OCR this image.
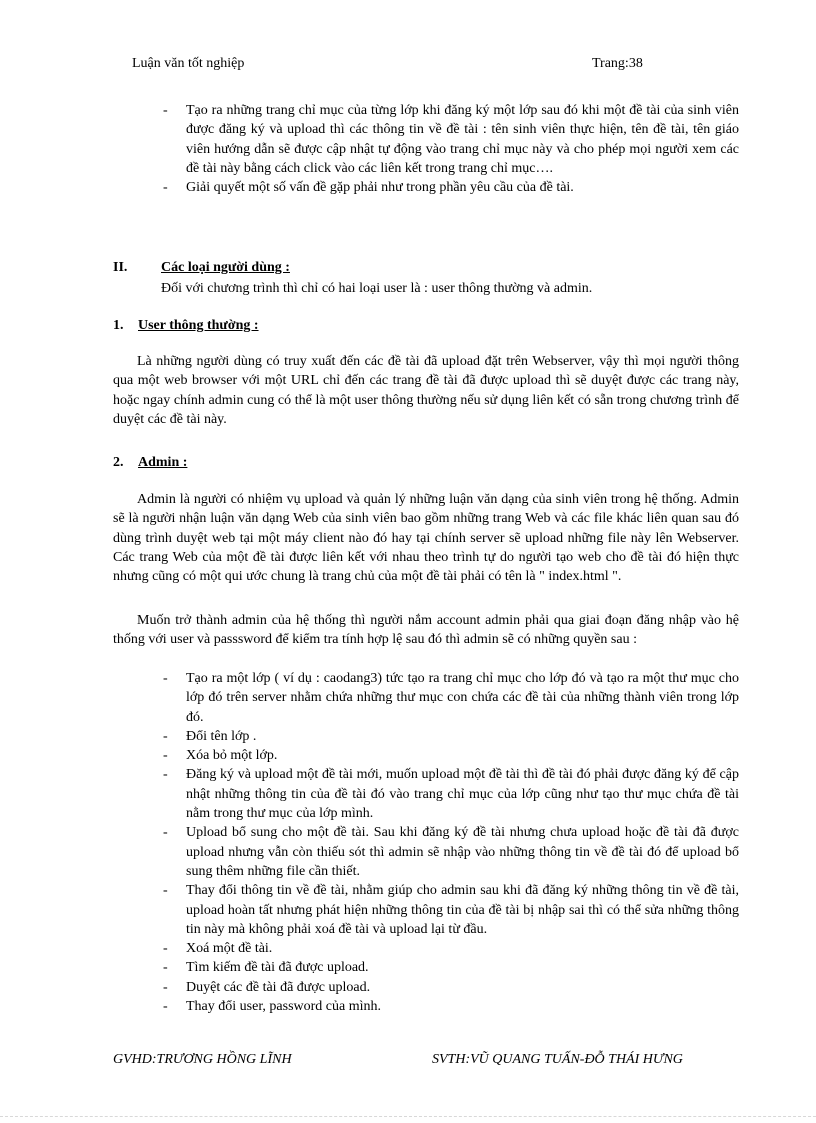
Luận văn tốt nghiệp	Trang:38
- Tạo ra những trang chỉ mục của từng lớp khi đăng ký một lớp sau đó khi một đề tài của sinh viên được đăng ký và upload thì các thông tin về đề tài : tên sinh viên thực hiện, tên đề tài, tên giáo viên hướng dẫn sẽ được cập nhật tự động vào trang chỉ mục này và cho phép mọi người xem các đề tài này bằng cách click vào các liên kết trong trang chỉ mục….
- Giải quyết một số vấn đề gặp phải như trong phần yêu cầu của đề tài.
II. Các loại người dùng :
Đối với chương trình thì chỉ có hai loại user là : user thông thường và admin.
1. User thông thường :

Là những người dùng có truy xuất đến các đề tài đã upload đặt trên Webserver, vậy thì mọi người thông qua một web browser với một URL chỉ đến các trang đề tài đã được upload thì sẽ duyệt được các trang này, hoặc ngay chính admin cung có thể là một user thông thường nếu sử dụng liên kết có sẵn trong chương trình để duyệt các đề tài này.

2. Admin :

Admin là người có nhiệm vụ upload và quản lý những luận văn dạng của sinh viên trong hệ thống. Admin sẽ là người nhận luận văn dạng Web của sinh viên bao gồm những trang Web và các file khác liên quan sau đó dùng trình duyệt web tại một máy client nào đó hay tại chính server sẽ upload những file này lên Webserver. Các trang Web của một đề tài được liên kết với nhau theo trình tự do người tạo web cho đề tài đó hiện thực nhưng cũng có một qui ước chung là trang chủ của một đề tài phải có tên là " index.html ".

Muốn trở thành admin của hệ thống thì người nắm account admin phải qua giai đoạn đăng nhập vào hệ thống với user và passsword để kiểm tra tính hợp lệ sau đó thì admin sẽ có những quyền sau :

- Tạo ra một lớp ( ví dụ : caodang3) tức tạo ra trang chỉ mục cho lớp đó và tạo ra một thư mục cho lớp đó trên server nhằm chứa những thư mục con chứa các đề tài của những thành viên trong lớp đó.
- Đổi tên lớp .
- Xóa bỏ một lớp.
- Đăng ký và upload một đề tài mới, muốn upload một đề tài thì đề tài đó phải được đăng ký để cập nhật những thông tin của đề tài đó vào trang chỉ mục của lớp cũng như tạo thư mục chứa đề tài nằm trong thư mục của lớp mình.
- Upload bổ sung cho một đề tài. Sau khi đăng ký đề tài nhưng chưa upload hoặc đề tài đã được upload nhưng vẫn còn thiếu sót thì admin sẽ nhập vào những thông tin về đề tài đó để upload bổ sung thêm những file cần thiết.
- Thay đổi thông tin về đề tài, nhằm giúp cho admin sau khi đã đăng ký những thông tin về đề tài, upload hoàn tất nhưng phát hiện những thông tin của đề tài bị nhập sai thì có thể sửa những thông tin này mà không phải xoá đề tài và upload lại từ đầu.
- Xoá một đề tài.
- Tìm kiếm đề tài đã được upload.
- Duyệt các đề tài đã được upload.
- Thay đổi user, password của mình.
GVHD:TRƯƠNG HỒNG LĨNH	SVTH:VŨ QUANG TUẤN-ĐỖ THÁI HƯNG
